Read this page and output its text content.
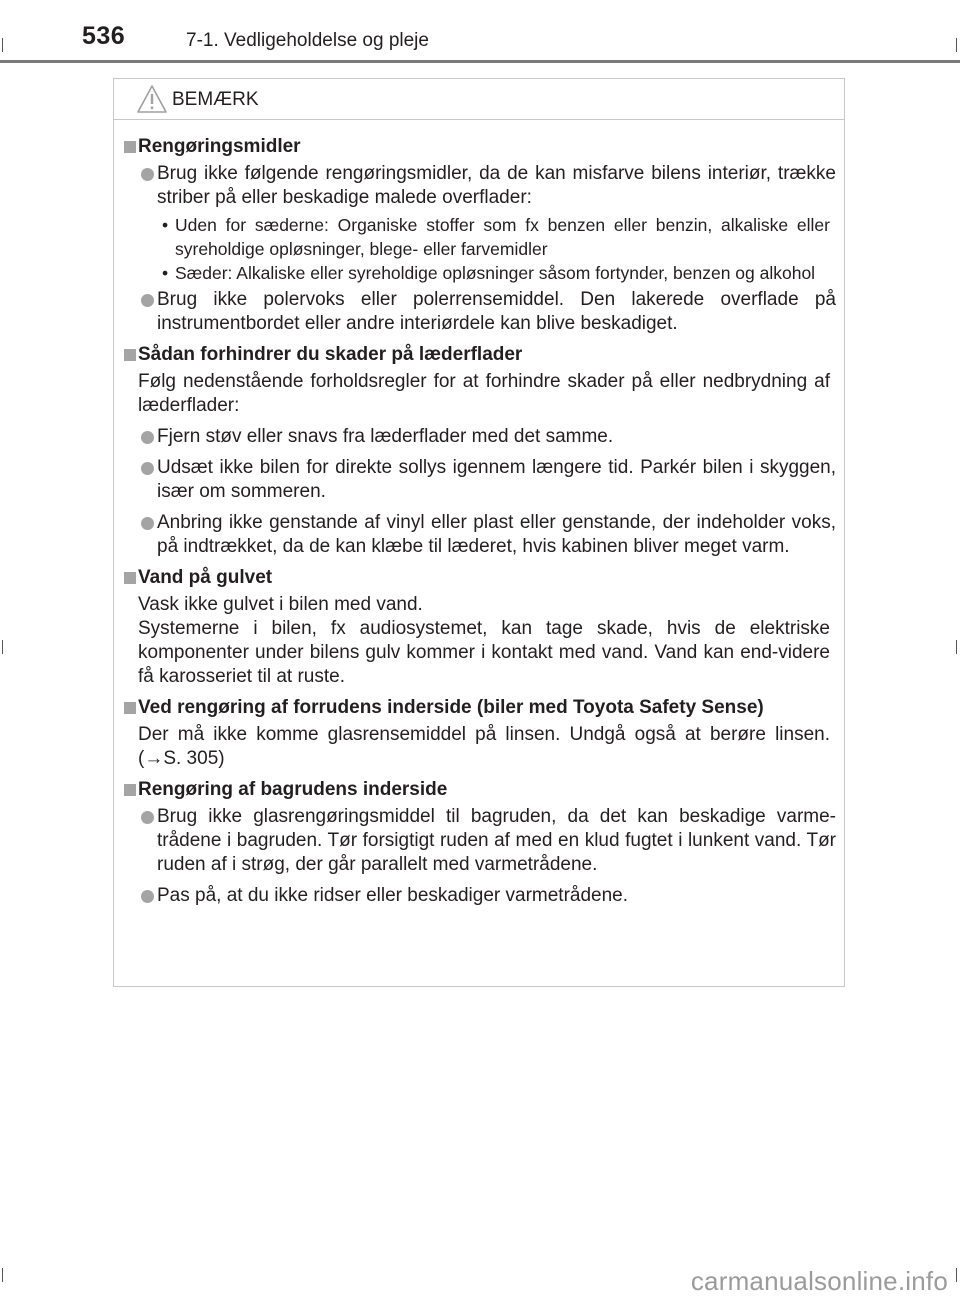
536	7-1. Vedligeholdelse og pleje
BEMÆRK
Rengøringsmidler
Brug ikke følgende rengøringsmidler, da de kan misfarve bilens interiør, trække striber på eller beskadige malede overflader:
• Uden for sæderne: Organiske stoffer som fx benzen eller benzin, alkaliske eller syreholdige opløsninger, blege- eller farvemidler
• Sæder: Alkaliske eller syreholdige opløsninger såsom fortynder, benzen og alkohol
Brug ikke polervoks eller polerrensemiddel. Den lakerede overflade på instrumentbordet eller andre interiørdele kan blive beskadiget.
Sådan forhindrer du skader på læderflader
Følg nedenstående forholdsregler for at forhindre skader på eller nedbrydning af læderflader:
Fjern støv eller snavs fra læderflader med det samme.
Udsæt ikke bilen for direkte sollys igennem længere tid. Parkér bilen i skyggen, især om sommeren.
Anbring ikke genstande af vinyl eller plast eller genstande, der indeholder voks, på indtrækket, da de kan klæbe til læderet, hvis kabinen bliver meget varm.
Vand på gulvet
Vask ikke gulvet i bilen med vand.
Systemerne i bilen, fx audiosystemet, kan tage skade, hvis de elektriske komponenter under bilens gulv kommer i kontakt med vand. Vand kan end-videre få karosseriet til at ruste.
Ved rengøring af forrudens inderside (biler med Toyota Safety Sense)
Der må ikke komme glasrensemiddel på linsen. Undgå også at berøre linsen. (→S. 305)
Rengøring af bagrudens inderside
Brug ikke glasrengøringsmiddel til bagruden, da det kan beskadige varme-trådene i bagruden. Tør forsigtigt ruden af med en klud fugtet i lunkent vand. Tør ruden af i strøg, der går parallelt med varmetrådene.
Pas på, at du ikke ridser eller beskadiger varmetrådene.
carmanualsonline.info
